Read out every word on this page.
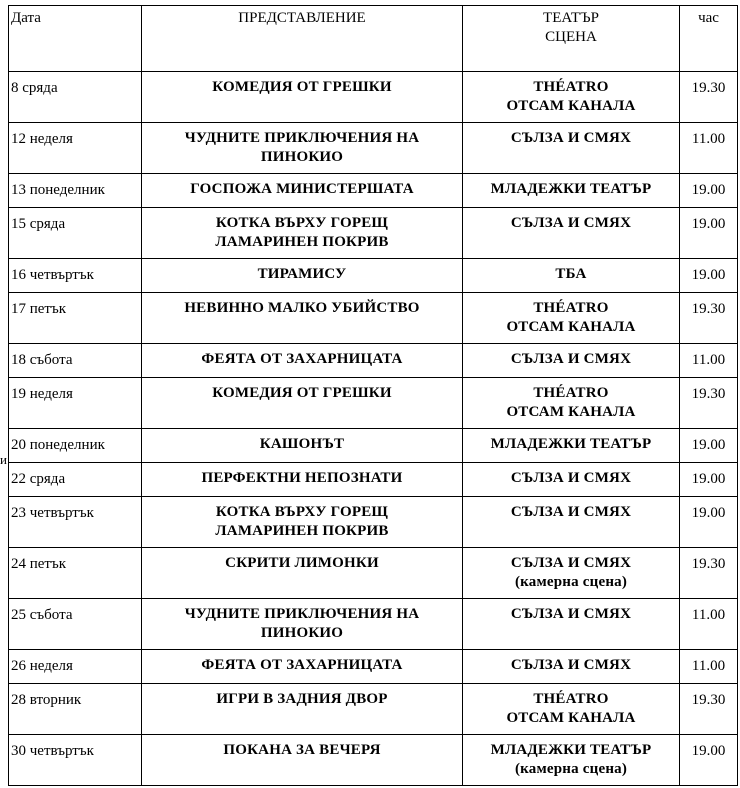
и
Дата	ПРЕДСТАВЛЕНИЕ	ТЕАТЪР
СЦЕНА	час
8 сряда	КОМЕДИЯ ОТ ГРЕШКИ	THÉATRO
ОТСАМ КАНАЛА	19.30
12 неделя	ЧУДНИТЕ ПРИКЛЮЧЕНИЯ НА
ПИНОКИО	СЪЛЗА И СМЯХ	11.00
13 понеделник	ГОСПОЖА МИНИСТЕРШАТА	МЛАДЕЖКИ ТЕАТЪР	19.00
15 сряда	КОТКА ВЪРХУ ГОРЕЩ
ЛАМАРИНЕН ПОКРИВ	СЪЛЗА И СМЯХ	19.00
16 четвъртък	ТИРАМИСУ	ТБА	19.00
17 петък	НЕВИННО МАЛКО УБИЙСТВО	THÉATRO
ОТСАМ КАНАЛА	19.30
18 събота	ФЕЯТА ОТ ЗАХАРНИЦАТА	СЪЛЗА И СМЯХ	11.00
19 неделя	КОМЕДИЯ ОТ ГРЕШКИ	THÉATRO
ОТСАМ КАНАЛА	19.30
20 понеделник	КАШОНЪТ	МЛАДЕЖКИ ТЕАТЪР	19.00
22 сряда	ПЕРФЕКТНИ НЕПОЗНАТИ	СЪЛЗА И СМЯХ	19.00
23 четвъртък	КОТКА ВЪРХУ ГОРЕЩ
ЛАМАРИНЕН ПОКРИВ	СЪЛЗА И СМЯХ	19.00
24 петък	СКРИТИ ЛИМОНКИ	СЪЛЗА И СМЯХ
(камерна сцена)	19.30
25 събота	ЧУДНИТЕ ПРИКЛЮЧЕНИЯ НА
ПИНОКИО	СЪЛЗА И СМЯХ	11.00
26 неделя	ФЕЯТА ОТ ЗАХАРНИЦАТА	СЪЛЗА И СМЯХ	11.00
28 вторник	ИГРИ В ЗАДНИЯ ДВОР	THÉATRO
ОТСАМ КАНАЛА	19.30
30 четвъртък	ПОКАНА ЗА ВЕЧЕРЯ	МЛАДЕЖКИ ТЕАТЪР
(камерна сцена)	19.00
